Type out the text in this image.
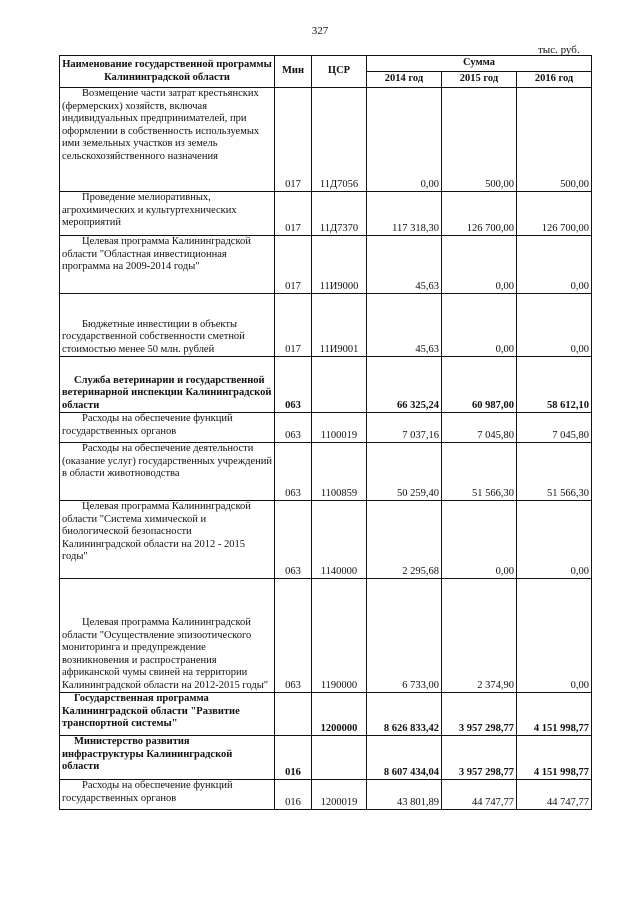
327
тыс. руб.
Наименование государственной программы Калининградской области	Мин	ЦСР	Сумма		
			2014 год	2015 год	2016 год
Возмещение части затрат крестьянских (фермерских) хозяйств, включая индивидуальных предпринимателей, при оформлении в собственность используемых ими земельных участков из земель сельскохозяйственного назначения	017	11Д7056	0,00	500,00	500,00
Проведение мелиоративных, агрохимических и культуртехнических мероприятий	017	11Д7370	117 318,30	126 700,00	126 700,00
Целевая программа Калининградской области "Областная инвестиционная программа на 2009-2014 годы"	017	11И9000	45,63	0,00	0,00
Бюджетные инвестиции в объекты государственной собственности сметной стоимостью менее 50 млн. рублей	017	11И9001	45,63	0,00	0,00
Служба ветеринарии и государственной ветеринарной инспекции Калининградской области	063		66 325,24	60 987,00	58 612,10
Расходы на обеспечение функций государственных органов	063	1100019	7 037,16	7 045,80	7 045,80
Расходы на обеспечение деятельности (оказание услуг) государственных учреждений в области животноводства	063	1100859	50 259,40	51 566,30	51 566,30
Целевая программа Калининградской области "Система химической и биологической безопасности Калининградской области на 2012 - 2015 годы"	063	1140000	2 295,68	0,00	0,00
Целевая программа Калининградской области "Осуществление эпизоотического мониторинга и предупреждение возникновения и распространения африканской чумы свиней на территории Калининградской области на 2012-2015 годы"	063	1190000	6 733,00	2 374,90	0,00
Государственная программа Калининградской области "Развитие транспортной системы"		1200000	8 626 833,42	3 957 298,77	4 151 998,77
Министерство развития инфраструктуры Калининградской области	016		8 607 434,04	3 957 298,77	4 151 998,77
Расходы на обеспечение функций государственных органов	016	1200019	43 801,89	44 747,77	44 747,77
